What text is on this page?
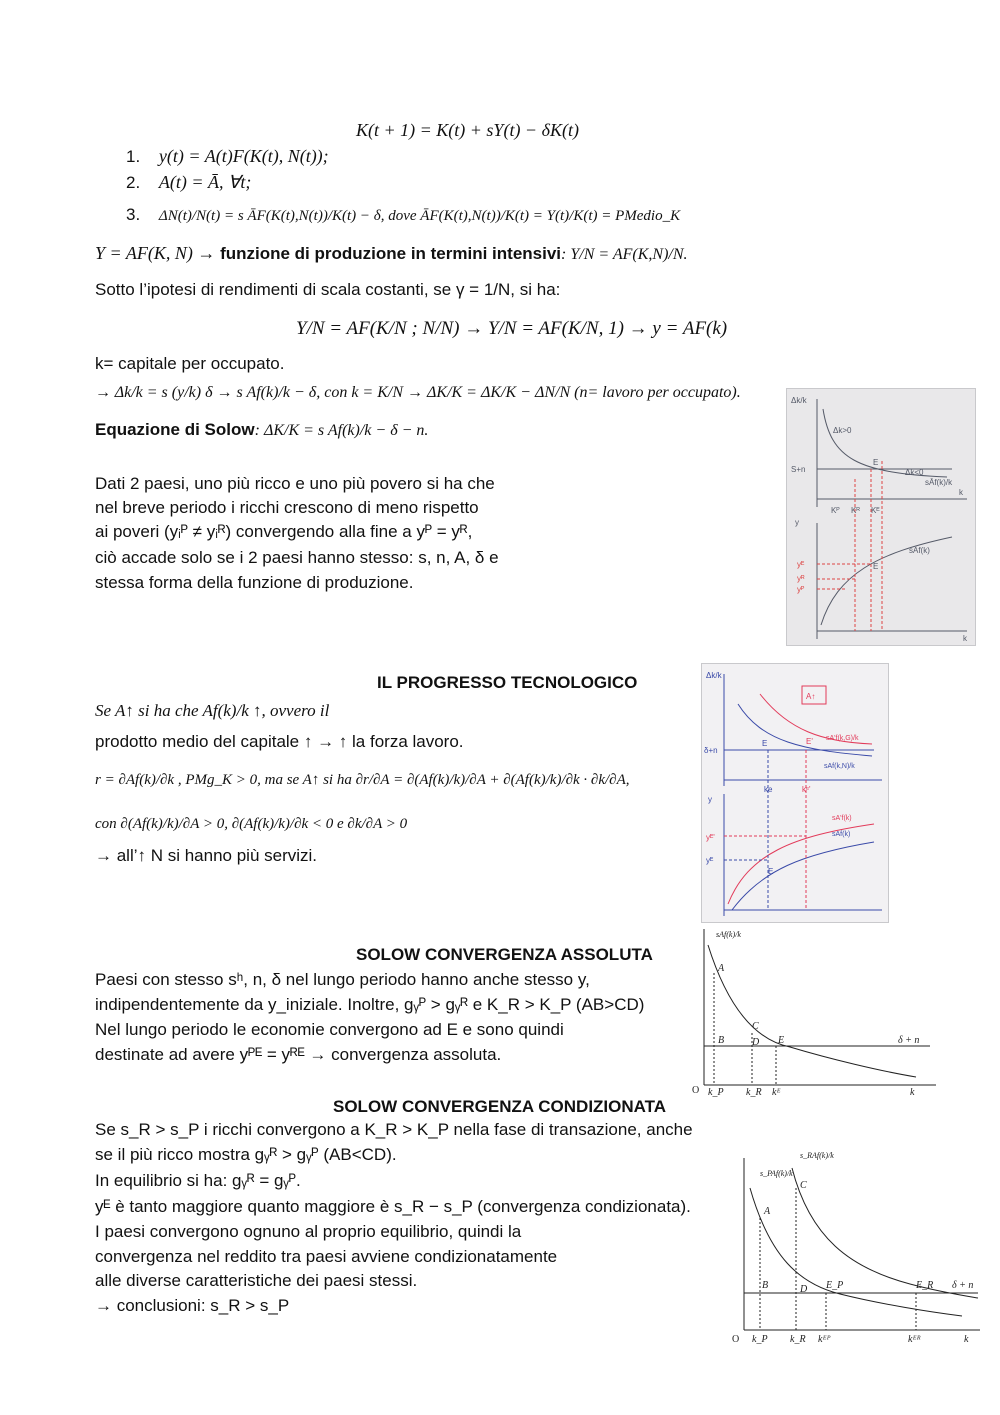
K(t + 1) = K(t) + sY(t) − δK(t)
1. y(t) = A(t)F(K(t), N(t));
2. A(t) = Ā, ∀t;
3. ΔN(t)/N(t) = s ĀF(K(t),N(t))/K(t) − δ, dove ĀF(K(t),N(t))/K(t) = Y(t)/K(t) = PMedio_K
Y = AF(K, N) → funzione di produzione in termini intensivi: Y/N = AF(K,N)/N.
Sotto l’ipotesi di rendimenti di scala costanti, se γ = 1/N, si ha:
Y/N = AF(K/N ; N/N) → Y/N = AF(K/N, 1) → y = AF(k)
k= capitale per occupato.
→ Δk/k = s (y/k) δ → s Af(k)/k − δ, con k = K/N → ΔK/K = ΔK/K − ΔN/N (n= lavoro per occupato).
Equazione di Solow: ΔK/K = s Af(k)/k − δ − n.
Dati 2 paesi, uno più ricco e uno più povero si ha che
nel breve periodo i ricchi crescono di meno rispetto
ai poveri (yᵢᴾ ≠ yᵢᴿ) convergendo alla fine a yᴾ = yᴿ,
ciò accade solo se i 2 paesi hanno stesso: s, n, A, δ e
stessa forma della funzione di produzione.
Δk/k
Δk>0
S+n	Δk<0
sĀf(k)/k
E
k
Kᴾ Kᴿ Kᴱ
y
sĀf(k)
E
yᴱ
yᴿ
yᴾ
k
IL PROGRESSO TECNOLOGICO
Se A↑ si ha che Af(k)/k ↑, ovvero il
prodotto medio del capitale ↑ → ↑ la forza lavoro.
r = ∂Af(k)/∂k , PMg_K > 0, ma se A↑ si ha ∂r/∂A = ∂(Af(k)/k)/∂A + ∂(Af(k)/k)/∂k · ∂k/∂A,
con ∂(Af(k)/k)/∂A > 0, ∂(Af(k)/k)/∂k < 0 e ∂k/∂A > 0
→ all’↑ N si hanno più servizi.
Δk/k
A↑
δ+n
E	E' sA'f(k,G)/k
sAf(k,N)/k
ke	kᵉ'
y
yᴱ'
yᴱ
sA'f(k)
sAf(k)
E
SOLOW CONVERGENZA ASSOLUTA
Paesi con stesso sʰ, n, δ nel lungo periodo hanno anche stesso y,
indipendentemente da y_iniziale. Inoltre, gᵧᴾ > gᵧᴿ e K_R > K_P (AB>CD)
Nel lungo periodo le economie convergono ad E e sono quindi
destinate ad avere yᴾᴱ = yᴿᴱ → convergenza assoluta.
sAf(k)/k
A
B
C
D E	δ + n
O k_P k_R kᴱ	k
SOLOW CONVERGENZA CONDIZIONATA
Se s_R > s_P i ricchi convergono a K_R > K_P nella fase di transazione, anche
se il più ricco mostra gᵧᴿ > gᵧᴾ (AB<CD).
In equilibrio si ha: gᵧᴿ = gᵧᴾ.
yᴱ è tanto maggiore quanto maggiore è s_R − s_P (convergenza condizionata).
I paesi convergono ognuno al proprio equilibrio, quindi la
convergenza nel reddito tra paesi avviene condizionatamente
alle diverse caratteristiche dei paesi stessi.
→ conclusioni: s_R > s_P
s_RAf(k)/k
s_PAf(k)/k
A
B
C
D E_P	E_R δ + n
O k_P k_R kᴱᴾ	kᴱᴿ	k
